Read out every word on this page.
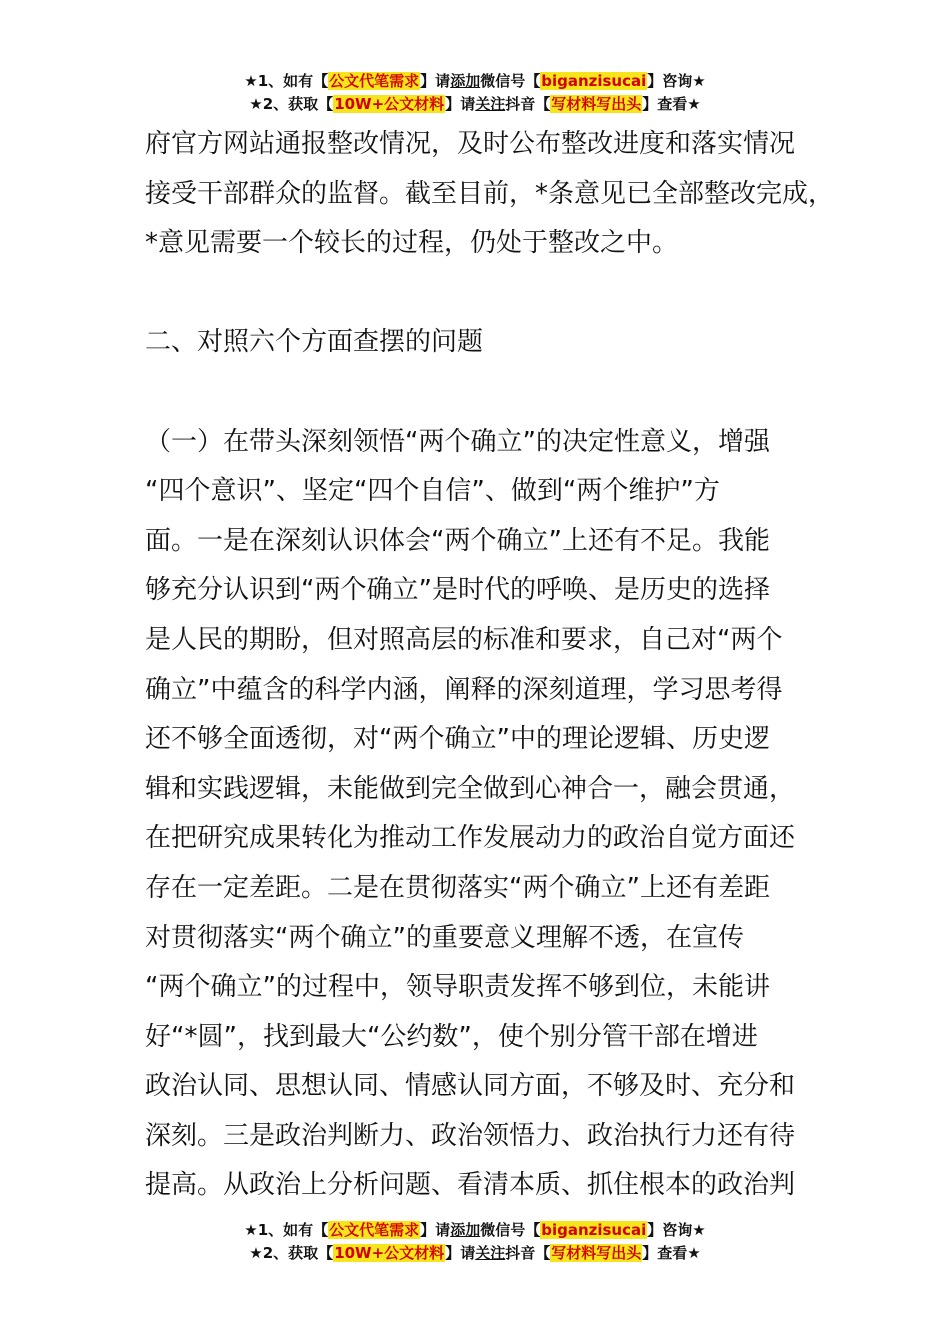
★1、如有【公文代笔需求】请添加微信号【biganzisucai】咨询★
★2、获取【10W+公文材料】请关注抖音【写材料写出头】查看★
府官方网站通报整改情况，及时公布整改进度和落实情况
接受干部群众的监督。截至目前，*条意见已全部整改完成，
*意见需要一个较长的过程，仍处于整改之中。
二、对照六个方面查摆的问题
（一）在带头深刻领悟“两个确立”的决定性意义，增强
“四个意识”、坚定“四个自信”、做到“两个维护”方
面。一是在深刻认识体会“两个确立”上还有不足。我能
够充分认识到“两个确立”是时代的呼唤、是历史的选择
是人民的期盼，但对照高层的标准和要求，自己对“两个
确立”中蕴含的科学内涵，阐释的深刻道理，学习思考得
还不够全面透彻，对“两个确立”中的理论逻辑、历史逻
辑和实践逻辑，未能做到完全做到心神合一，融会贯通，
在把研究成果转化为推动工作发展动力的政治自觉方面还
存在一定差距。二是在贯彻落实“两个确立”上还有差距
对贯彻落实“两个确立”的重要意义理解不透，在宣传
“两个确立”的过程中，领导职责发挥不够到位，未能讲
好“*圆”，找到最大“公约数”，使个别分管干部在增进
政治认同、思想认同、情感认同方面，不够及时、充分和
深刻。三是政治判断力、政治领悟力、政治执行力还有待
提高。从政治上分析问题、看清本质、抓住根本的政治判
★1、如有【公文代笔需求】请添加微信号【biganzisucai】咨询★
★2、获取【10W+公文材料】请关注抖音【写材料写出头】查看★
